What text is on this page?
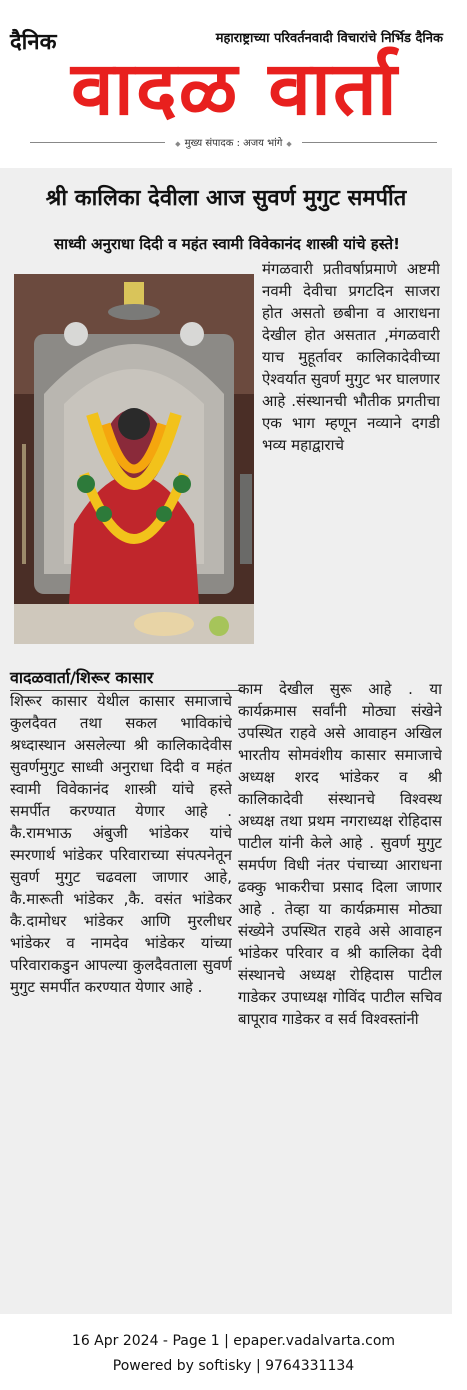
दैनिक	महाराष्ट्राच्या परिवर्तनवादी विचारांचे निर्भिड दैनिक
वादळ वार्ता
◆ मुख्य संपादक : अजय भांगे ◆
श्री कालिका देवीला आज सुवर्ण मुगुट समर्पीत
साध्वी अनुराधा दिदी व महंत स्वामी विवेकानंद शास्त्री यांचे हस्ते!

मंगळवारी प्रतीवर्षाप्रमाणे अष्टमी नवमी देवीचा प्रगटदिन साजरा होत असतो छबीना व आराधना देखील होत असतात ,मंगळवारी याच मुहूर्तावर कालिकादेवीच्या ऐश्वर्यात सुवर्ण मुगुट भर घालणार आहे .संस्थानची भौतीक प्रगतीचा एक भाग म्हणून नव्याने दगडी भव्य महाद्वाराचे

वादळवार्ता/शिरूर कासार

शिरूर कासार येथील कासार समाजाचे कुलदैवत तथा सकल भाविकांचे श्रध्दास्थान असलेल्या श्री कालिकादेवीस सुवर्णमुगुट साध्वी अनुराधा दिदी व महंत स्वामी विवेकानंद शास्त्री यांचे हस्ते समर्पीत करण्यात येणार आहे . कै.रामभाऊ अंबुजी भांडेकर यांचे स्मरणार्थ भांडेकर परिवाराच्या संपत्पनेतून सुवर्ण मुगुट चढवला जाणार आहे, कै.मारूती भांडेकर ,कै. वसंत भांडेकर कै.दामोधर भांडेकर आणि मुरलीधर भांडेकर व नामदेव भांडेकर यांच्या परिवाराकडुन आपल्या कुलदैवताला सुवर्ण मुगुट समर्पीत करण्यात येणार आहे .

काम देखील सुरू आहे . या कार्यक्रमास सर्वांनी मोठ्या संखेने उपस्थित राहवे असे आवाहन अखिल भारतीय सोमवंशीय कासार समाजाचे अध्यक्ष शरद भांडेकर व श्री कालिकादेवी संस्थानचे विश्वस्थ अध्यक्ष तथा प्रथम नगराध्यक्ष रोहिदास पाटील यांनी केले आहे . सुवर्ण मुगुट समर्पण विधी नंतर पंचाच्या आराधना ढक्कु भाकरीचा प्रसाद दिला जाणार आहे . तेव्हा या कार्यक्रमास मोठ्या संख्येने उपस्थित राहवे असे आवाहन भांडेकर परिवार व श्री कालिका देवी संस्थानचे अध्यक्ष रोहिदास पाटील गाडेकर उपाध्यक्ष गोविंद पाटील सचिव बापूराव गाडेकर व सर्व विश्वस्तांनी

16 Apr 2024 - Page 1 | epaper.vadalvarta.com
Powered by softisky | 9764331134
